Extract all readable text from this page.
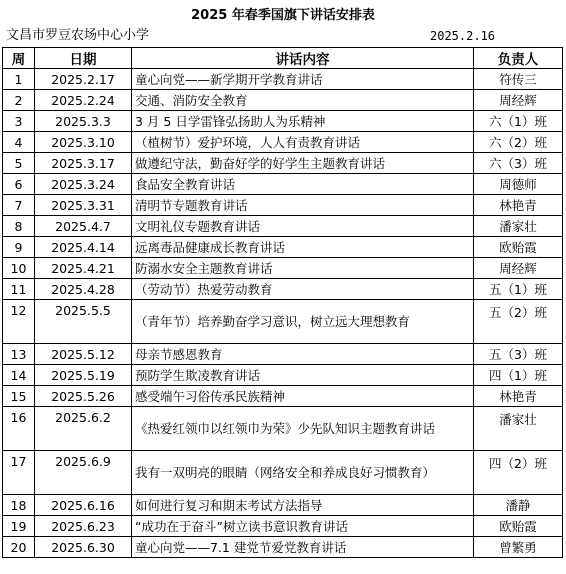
2025 年春季国旗下讲话安排表
文昌市罗豆农场中心小学	2025.2.16
周	日期	讲话内容	负责人
1	2025.2.17	童心向党——新学期开学教育讲话	符传三
2	2025.2.24	交通、消防安全教育	周经辉
3	2025.3.3	3 月 5 日学雷锋弘扬助人为乐精神	六（1）班
4	2025.3.10	（植树节）爱护环境，人人有责教育讲话	六（2）班
5	2025.3.17	做遵纪守法，勤奋好学的好学生主题教育讲话	六（3）班
6	2025.3.24	食品安全教育讲话	周德师
7	2025.3.31	清明节专题教育讲话	林艳青
8	2025.4.7	文明礼仪专题教育讲话	潘家壮
9	2025.4.14	远离毒品健康成长教育讲话	欧贻霞
10	2025.4.21	防溺水安全主题教育讲话	周经辉
11	2025.4.28	（劳动节）热爱劳动教育	五（1）班
12	2025.5.5	（青年节）培养勤奋学习意识，树立远大理想教育	五（2）班
13	2025.5.12	母亲节感恩教育	五（3）班
14	2025.5.19	预防学生欺凌教育讲话	四（1）班
15	2025.5.26	感受端午习俗传承民族精神	林艳青
16	2025.6.2	《热爱红领巾以红领巾为荣》少先队知识主题教育讲话	潘家壮
17	2025.6.9	我有一双明亮的眼睛（网络安全和养成良好习惯教育）	四（2）班
18	2025.6.16	如何进行复习和期末考试方法指导	潘静
19	2025.6.23	“成功在于奋斗”树立读书意识教育讲话	欧贻霞
20	2025.6.30	童心向党——7.1 建党节爱党教育讲话	曾繁勇
